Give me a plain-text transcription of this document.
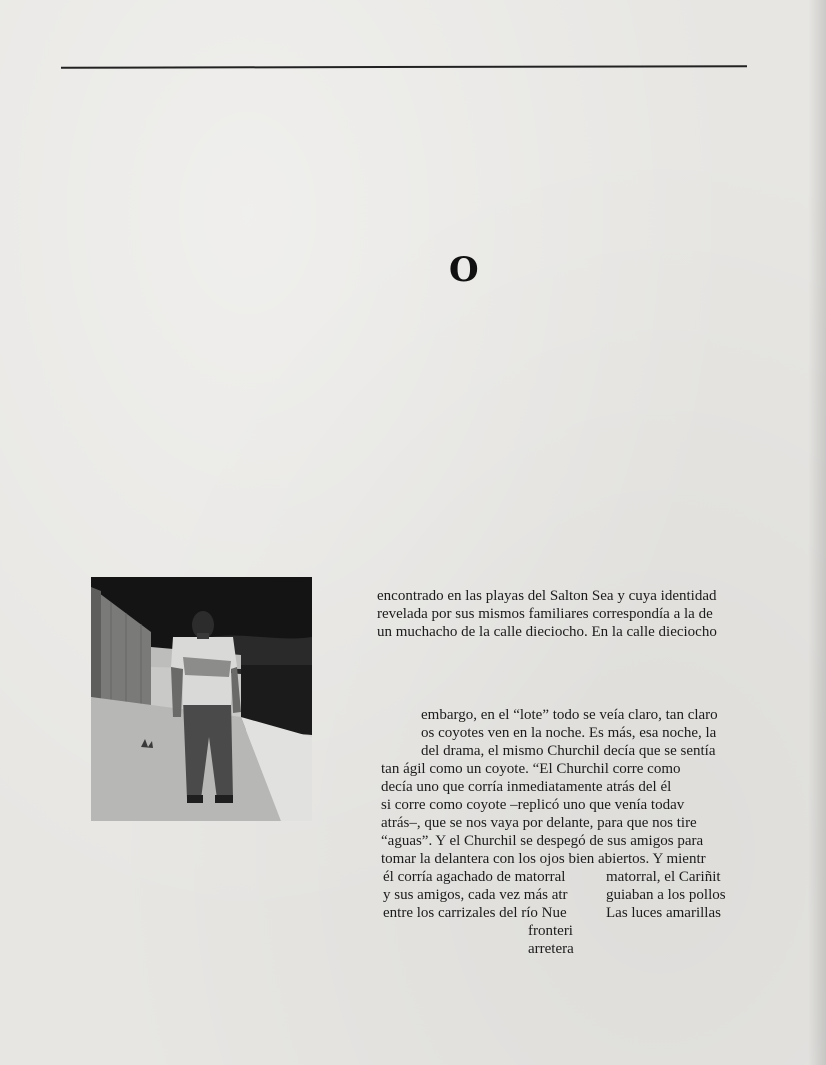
O
encontrado en las playas del Salton Sea y cuya identidad
revelada por sus mismos familiares correspondía a la de
un muchacho de la calle dieciocho. En la calle dieciocho
embargo, en el “lote” todo se veía claro, tan claro
os coyotes ven en la noche. Es más, esa noche, la
del drama, el mismo Churchil decía que se sentía
tan ágil como un coyote. “El Churchil corre como
decía uno que corría inmediatamente atrás del él
si corre como coyote –replicó uno que venía todav
atrás–, que se nos vaya por delante, para que nos tire
“aguas”. Y el Churchil se despegó de sus amigos para
tomar la delantera con los ojos bien abiertos. Y mientr
él corría agachado de matorral
y sus amigos, cada vez más atr
entre los carrizales del río Nue
fronteri
arretera
matorral, el Cariñit
guiaban a los pollos
Las luces amarillas
